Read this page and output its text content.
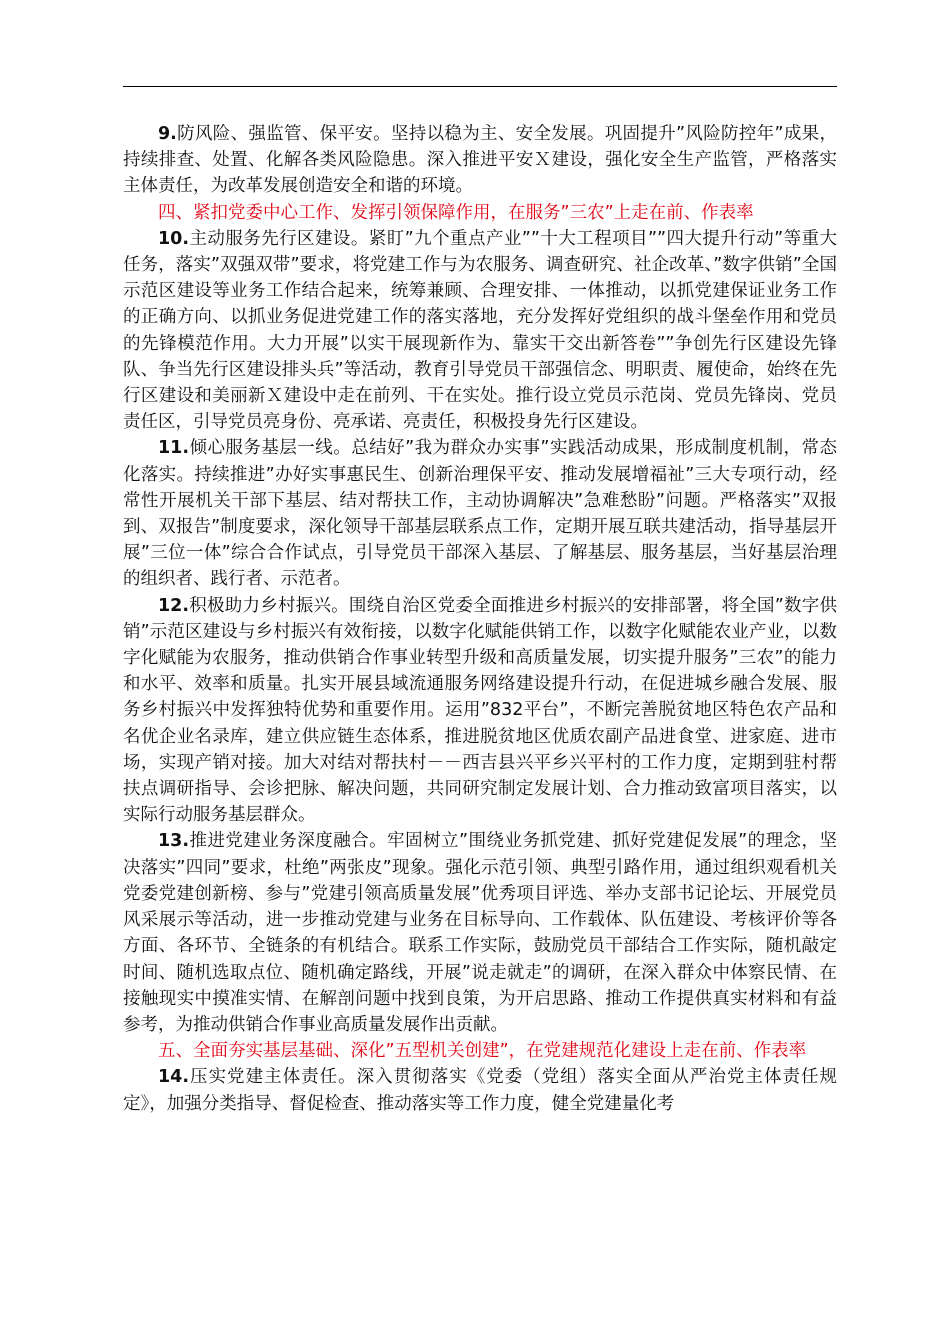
9.防风险、强监管、保平安。坚持以稳为主、安全发展。巩固提升”风险防控年”成果，持续排查、处置、化解各类风险隐患。深入推进平安Ｘ建设，强化安全生产监管，严格落实主体责任，为改革发展创造安全和谐的环境。

四、紧扣党委中心工作、发挥引领保障作用，在服务”三农”上走在前、作表率

10.主动服务先行区建设。紧盯”九个重点产业””十大工程项目””四大提升行动”等重大任务，落实”双强双带”要求，将党建工作与为农服务、调查研究、社企改革、”数字供销”全国示范区建设等业务工作结合起来，统筹兼顾、合理安排、一体推动，以抓党建保证业务工作的正确方向、以抓业务促进党建工作的落实落地，充分发挥好党组织的战斗堡垒作用和党员的先锋模范作用。大力开展”以实干展现新作为、靠实干交出新答卷””争创先行区建设先锋队、争当先行区建设排头兵”等活动，教育引导党员干部强信念、明职责、履使命，始终在先行区建设和美丽新Ｘ建设中走在前列、干在实处。推行设立党员示范岗、党员先锋岗、党员责任区，引导党员亮身份、亮承诺、亮责任，积极投身先行区建设。

11.倾心服务基层一线。总结好”我为群众办实事”实践活动成果，形成制度机制，常态化落实。持续推进”办好实事惠民生、创新治理保平安、推动发展增福祉”三大专项行动，经常性开展机关干部下基层、结对帮扶工作，主动协调解决”急难愁盼”问题。严格落实”双报到、双报告”制度要求，深化领导干部基层联系点工作，定期开展互联共建活动，指导基层开展”三位一体”综合合作试点，引导党员干部深入基层、了解基层、服务基层，当好基层治理的组织者、践行者、示范者。

12.积极助力乡村振兴。围绕自治区党委全面推进乡村振兴的安排部署，将全国”数字供销”示范区建设与乡村振兴有效衔接，以数字化赋能供销工作，以数字化赋能农业产业，以数字化赋能为农服务，推动供销合作事业转型升级和高质量发展，切实提升服务”三农”的能力和水平、效率和质量。扎实开展县域流通服务网络建设提升行动，在促进城乡融合发展、服务乡村振兴中发挥独特优势和重要作用。运用”832平台”，不断完善脱贫地区特色农产品和名优企业名录库，建立供应链生态体系，推进脱贫地区优质农副产品进食堂、进家庭、进市场，实现产销对接。加大对结对帮扶村－－西吉县兴平乡兴平村的工作力度，定期到驻村帮扶点调研指导、会诊把脉、解决问题，共同研究制定发展计划、合力推动致富项目落实，以实际行动服务基层群众。

13.推进党建业务深度融合。牢固树立”围绕业务抓党建、抓好党建促发展”的理念，坚决落实”四同”要求，杜绝”两张皮”现象。强化示范引领、典型引路作用，通过组织观看机关党委党建创新榜、参与”党建引领高质量发展”优秀项目评选、举办支部书记论坛、开展党员风采展示等活动，进一步推动党建与业务在目标导向、工作载体、队伍建设、考核评价等各方面、各环节、全链条的有机结合。联系工作实际，鼓励党员干部结合工作实际，随机敲定时间、随机选取点位、随机确定路线，开展”说走就走”的调研，在深入群众中体察民情、在接触现实中摸准实情、在解剖问题中找到良策，为开启思路、推动工作提供真实材料和有益参考，为推动供销合作事业高质量发展作出贡献。

五、全面夯实基层基础、深化”五型机关创建”，在党建规范化建设上走在前、作表率

14.压实党建主体责任。深入贯彻落实《党委（党组）落实全面从严治党主体责任规定》，加强分类指导、督促检查、推动落实等工作力度，健全党建量化考
